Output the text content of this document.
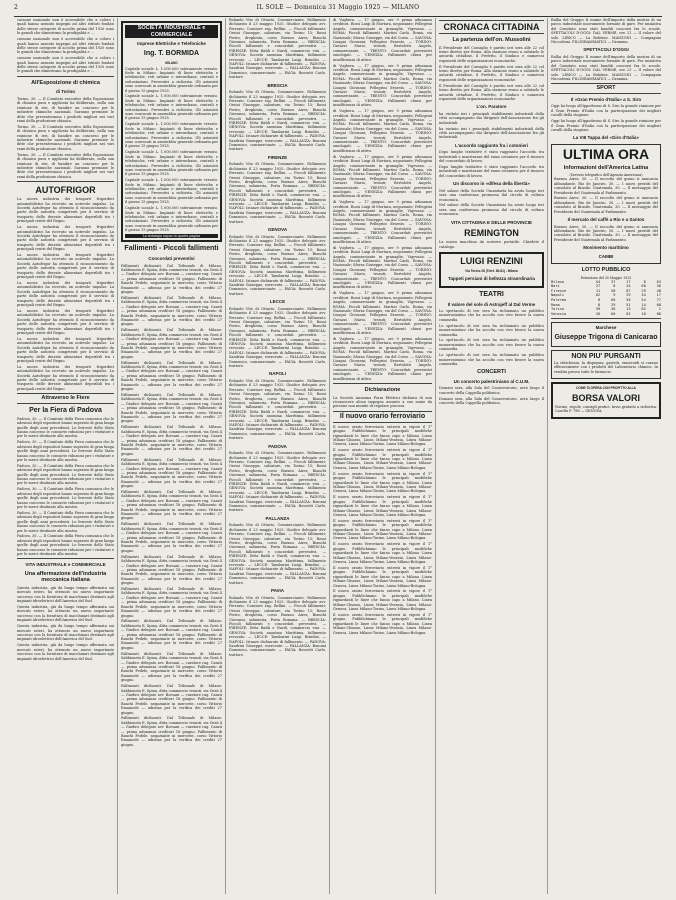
2	IL SOLE — Domenica 31 Maggio 1925 — MILANO

cassone nazionale non è accessibile che a coloro i quali hanno assunto impegni ad altri istituti fondati delle stesse categorie di accolto prima del 1920 sono le grandi che dimostrano la prodigalità e ...

cassone nazionale non è accessibile che a coloro i quali hanno assunto impegni ad altri istituti fondati delle stesse categorie di accolto prima del 1920 sono le grandi che dimostrano la prodigalità e ...

cassone nazionale non è accessibile che a coloro i quali hanno assunto impegni ad altri istituti fondati delle stesse categorie di accolto prima del 1920 sono le grandi che dimostrano la prodigalità e ...

All'Esposizione di chimica
di Torino

Torino, 30. — Il Comitato esecutivo della Esposizione di chimica pura e applicata ha deliberato, nella sua riunione di ieri, di bandire un concorso per le industrie chimiche nazionali. Saranno premiate le ditte che presenteranno i prodotti migliori nei vari rami della produzione chimica.

Torino, 30. — Il Comitato esecutivo della Esposizione di chimica pura e applicata ha deliberato, nella sua riunione di ieri, di bandire un concorso per le industrie chimiche nazionali. Saranno premiate le ditte che presenteranno i prodotti migliori nei vari rami della produzione chimica.

Torino, 30. — Il Comitato esecutivo della Esposizione di chimica pura e applicata ha deliberato, nella sua riunione di ieri, di bandire un concorso per le industrie chimiche nazionali. Saranno premiate le ditte che presenteranno i prodotti migliori nei vari rami della produzione chimica.

AUTOFRIGOR

La nuova industria dei trasporti frigoriferi automobilistici ha ricevuto un notevole impulso. La Società Autofrigor ha ottenuto il riconoscimento da parte delle autorità competenti per il servizio di trasporto delle derrate alimentari deperibili tra i principali centri del Regno.

La nuova industria dei trasporti frigoriferi automobilistici ha ricevuto un notevole impulso. La Società Autofrigor ha ottenuto il riconoscimento da parte delle autorità competenti per il servizio di trasporto delle derrate alimentari deperibili tra i principali centri del Regno.

La nuova industria dei trasporti frigoriferi automobilistici ha ricevuto un notevole impulso. La Società Autofrigor ha ottenuto il riconoscimento da parte delle autorità competenti per il servizio di trasporto delle derrate alimentari deperibili tra i principali centri del Regno.

La nuova industria dei trasporti frigoriferi automobilistici ha ricevuto un notevole impulso. La Società Autofrigor ha ottenuto il riconoscimento da parte delle autorità competenti per il servizio di trasporto delle derrate alimentari deperibili tra i principali centri del Regno.

La nuova industria dei trasporti frigoriferi automobilistici ha ricevuto un notevole impulso. La Società Autofrigor ha ottenuto il riconoscimento da parte delle autorità competenti per il servizio di trasporto delle derrate alimentari deperibili tra i principali centri del Regno.

La nuova industria dei trasporti frigoriferi automobilistici ha ricevuto un notevole impulso. La Società Autofrigor ha ottenuto il riconoscimento da parte delle autorità competenti per il servizio di trasporto delle derrate alimentari deperibili tra i principali centri del Regno.

La nuova industria dei trasporti frigoriferi automobilistici ha ricevuto un notevole impulso. La Società Autofrigor ha ottenuto il riconoscimento da parte delle autorità competenti per il servizio di trasporto delle derrate alimentari deperibili tra i principali centri del Regno.

Attraverso le Fiere
Per la Fiera di Padova

Padova, 30. — Il Comitato della Fiera comunica che le adesioni degli espositori hanno superato di gran lunga quelle degli anni precedenti. Le ferrovie dello Stato hanno concesso le consuete riduzioni per i visitatori e per le merci destinate alla mostra.

Padova, 30. — Il Comitato della Fiera comunica che le adesioni degli espositori hanno superato di gran lunga quelle degli anni precedenti. Le ferrovie dello Stato hanno concesso le consuete riduzioni per i visitatori e per le merci destinate alla mostra.

Padova, 30. — Il Comitato della Fiera comunica che le adesioni degli espositori hanno superato di gran lunga quelle degli anni precedenti. Le ferrovie dello Stato hanno concesso le consuete riduzioni per i visitatori e per le merci destinate alla mostra.

Padova, 30. — Il Comitato della Fiera comunica che le adesioni degli espositori hanno superato di gran lunga quelle degli anni precedenti. Le ferrovie dello Stato hanno concesso le consuete riduzioni per i visitatori e per le merci destinate alla mostra.

Padova, 30. — Il Comitato della Fiera comunica che le adesioni degli espositori hanno superato di gran lunga quelle degli anni precedenti. Le ferrovie dello Stato hanno concesso le consuete riduzioni per i visitatori e per le merci destinate alla mostra.

Padova, 30. — Il Comitato della Fiera comunica che le adesioni degli espositori hanno superato di gran lunga quelle degli anni precedenti. Le ferrovie dello Stato hanno concesso le consuete riduzioni per i visitatori e per le merci destinate alla mostra.

VITA INDUSTRIALE e COMMERCIALE
Una affermazione dell'industria meccanica italiana

Questa industria, già da lungo tempo affermata sui mercati esteri, ha ottenuto un nuovo importante successo con la fornitura di macchinari destinati agli impianti idroelettrici dell'America del Sud.

Questa industria, già da lungo tempo affermata sui mercati esteri, ha ottenuto un nuovo importante successo con la fornitura di macchinari destinati agli impianti idroelettrici dell'America del Sud.

Questa industria, già da lungo tempo affermata sui mercati esteri, ha ottenuto un nuovo importante successo con la fornitura di macchinari destinati agli impianti idroelettrici dell'America del Sud.

Questa industria, già da lungo tempo affermata sui mercati esteri, ha ottenuto un nuovo importante successo con la fornitura di macchinari destinati agli impianti idroelettrici dell'America del Sud.

SOCIETÀ INDUSTRIALE e COMMERCIALE
Imprese Elettriche e Telefoniche
Ing. T. BORMIDA
MILANO

Capitale sociale L. 1.000.000 interamente versato. Sede in Milano. Impianti di linee elettriche e telefoniche, reti urbane e interurbane, centrali e sottostazioni. Preventivi a richiesta. Gli azionisti sono convocati in assemblea generale ordinaria per il giorno 15 giugno 1925.

Capitale sociale L. 1.000.000 interamente versato. Sede in Milano. Impianti di linee elettriche e telefoniche, reti urbane e interurbane, centrali e sottostazioni. Preventivi a richiesta. Gli azionisti sono convocati in assemblea generale ordinaria per il giorno 15 giugno 1925.

Capitale sociale L. 1.000.000 interamente versato. Sede in Milano. Impianti di linee elettriche e telefoniche, reti urbane e interurbane, centrali e sottostazioni. Preventivi a richiesta. Gli azionisti sono convocati in assemblea generale ordinaria per il giorno 15 giugno 1925.

Capitale sociale L. 1.000.000 interamente versato. Sede in Milano. Impianti di linee elettriche e telefoniche, reti urbane e interurbane, centrali e sottostazioni. Preventivi a richiesta. Gli azionisti sono convocati in assemblea generale ordinaria per il giorno 15 giugno 1925.

Capitale sociale L. 1.000.000 interamente versato. Sede in Milano. Impianti di linee elettriche e telefoniche, reti urbane e interurbane, centrali e sottostazioni. Preventivi a richiesta. Gli azionisti sono convocati in assemblea generale ordinaria per il giorno 15 giugno 1925.

Capitale sociale L. 1.000.000 interamente versato. Sede in Milano. Impianti di linee elettriche e telefoniche, reti urbane e interurbane, centrali e sottostazioni. Preventivi a richiesta. Gli azionisti sono convocati in assemblea generale ordinaria per il giorno 15 giugno 1925.

La ristampa segue in quarta pagina
Fallimenti - Piccoli fallimenti
Concordati preventivi

Fallimenti dichiarati. Dal Tribunale di Milano: Sabbioneta E. Spina, ditta commercio tessuti, via Gesù 4 — Giudice delegato avv. Borsani — curatore rag. Casati — prima adunanza creditori 18 giugno. Fallimento di Banchi Fedele, negoziante in mercerie, corso Vittorio Emanuele — udienza per la verifica dei crediti 27 giugno.

Fallimenti dichiarati. Dal Tribunale di Milano: Sabbioneta E. Spina, ditta commercio tessuti, via Gesù 4 — Giudice delegato avv. Borsani — curatore rag. Casati — prima adunanza creditori 18 giugno. Fallimento di Banchi Fedele, negoziante in mercerie, corso Vittorio Emanuele — udienza per la verifica dei crediti 27 giugno.

Fallimenti dichiarati. Dal Tribunale di Milano: Sabbioneta E. Spina, ditta commercio tessuti, via Gesù 4 — Giudice delegato avv. Borsani — curatore rag. Casati — prima adunanza creditori 18 giugno. Fallimento di Banchi Fedele, negoziante in mercerie, corso Vittorio Emanuele — udienza per la verifica dei crediti 27 giugno.

Fallimenti dichiarati. Dal Tribunale di Milano: Sabbioneta E. Spina, ditta commercio tessuti, via Gesù 4 — Giudice delegato avv. Borsani — curatore rag. Casati — prima adunanza creditori 18 giugno. Fallimento di Banchi Fedele, negoziante in mercerie, corso Vittorio Emanuele — udienza per la verifica dei crediti 27 giugno.

Fallimenti dichiarati. Dal Tribunale di Milano: Sabbioneta E. Spina, ditta commercio tessuti, via Gesù 4 — Giudice delegato avv. Borsani — curatore rag. Casati — prima adunanza creditori 18 giugno. Fallimento di Banchi Fedele, negoziante in mercerie, corso Vittorio Emanuele — udienza per la verifica dei crediti 27 giugno.

Fallimenti dichiarati. Dal Tribunale di Milano: Sabbioneta E. Spina, ditta commercio tessuti, via Gesù 4 — Giudice delegato avv. Borsani — curatore rag. Casati — prima adunanza creditori 18 giugno. Fallimento di Banchi Fedele, negoziante in mercerie, corso Vittorio Emanuele — udienza per la verifica dei crediti 27 giugno.

Fallimenti dichiarati. Dal Tribunale di Milano: Sabbioneta E. Spina, ditta commercio tessuti, via Gesù 4 — Giudice delegato avv. Borsani — curatore rag. Casati — prima adunanza creditori 18 giugno. Fallimento di Banchi Fedele, negoziante in mercerie, corso Vittorio Emanuele — udienza per la verifica dei crediti 27 giugno.

Fallimenti dichiarati. Dal Tribunale di Milano: Sabbioneta E. Spina, ditta commercio tessuti, via Gesù 4 — Giudice delegato avv. Borsani — curatore rag. Casati — prima adunanza creditori 18 giugno. Fallimento di Banchi Fedele, negoziante in mercerie, corso Vittorio Emanuele — udienza per la verifica dei crediti 27 giugno.

Fallimenti dichiarati. Dal Tribunale di Milano: Sabbioneta E. Spina, ditta commercio tessuti, via Gesù 4 — Giudice delegato avv. Borsani — curatore rag. Casati — prima adunanza creditori 18 giugno. Fallimento di Banchi Fedele, negoziante in mercerie, corso Vittorio Emanuele — udienza per la verifica dei crediti 27 giugno.

Fallimenti dichiarati. Dal Tribunale di Milano: Sabbioneta E. Spina, ditta commercio tessuti, via Gesù 4 — Giudice delegato avv. Borsani — curatore rag. Casati — prima adunanza creditori 18 giugno. Fallimento di Banchi Fedele, negoziante in mercerie, corso Vittorio Emanuele — udienza per la verifica dei crediti 27 giugno.

Fallimenti dichiarati. Dal Tribunale di Milano: Sabbioneta E. Spina, ditta commercio tessuti, via Gesù 4 — Giudice delegato avv. Borsani — curatore rag. Casati — prima adunanza creditori 18 giugno. Fallimento di Banchi Fedele, negoziante in mercerie, corso Vittorio Emanuele — udienza per la verifica dei crediti 27 giugno.

Fallimenti dichiarati. Dal Tribunale di Milano: Sabbioneta E. Spina, ditta commercio tessuti, via Gesù 4 — Giudice delegato avv. Borsani — curatore rag. Casati — prima adunanza creditori 18 giugno. Fallimento di Banchi Fedele, negoziante in mercerie, corso Vittorio Emanuele — udienza per la verifica dei crediti 27 giugno.

Fallimenti dichiarati. Dal Tribunale di Milano: Sabbioneta E. Spina, ditta commercio tessuti, via Gesù 4 — Giudice delegato avv. Borsani — curatore rag. Casati — prima adunanza creditori 18 giugno. Fallimento di Banchi Fedele, negoziante in mercerie, corso Vittorio Emanuele — udienza per la verifica dei crediti 27 giugno.

Fallimenti dichiarati. Dal Tribunale di Milano: Sabbioneta E. Spina, ditta commercio tessuti, via Gesù 4 — Giudice delegato avv. Borsani — curatore rag. Casati — prima adunanza creditori 18 giugno. Fallimento di Banchi Fedele, negoziante in mercerie, corso Vittorio Emanuele — udienza per la verifica dei crediti 27 giugno.

Fallimenti dichiarati. Dal Tribunale di Milano: Sabbioneta E. Spina, ditta commercio tessuti, via Gesù 4 — Giudice delegato avv. Borsani — curatore rag. Casati — prima adunanza creditori 18 giugno. Fallimento di Banchi Fedele, negoziante in mercerie, corso Vittorio Emanuele — udienza per la verifica dei crediti 27 giugno.

Rolando Vito di Ottavio, Commerciante. Fallimento dichiarato il 23 maggio 1925. Giudice delegato avv. Ferrario. Curatore rag. Bellini. — Piccoli fallimenti: Orsini Giuseppe, calzature, via Torino 15; Rossi Pietro, drogheria, corso Buenos Aires; Bianchi Giovanni, salumeria, Porta Romana. — BRESCIA: Piccoli fallimenti e concordati preventivi. — FIRENZE: Ditta Baldi e Nardi, commercio vini. — GENOVA: Società anonima Marittima, fallimento revocato. — LECCE: Tamburini Luigi, Brindisi. — NAPOLI: Istanze dichiarate di fallimento. — PADOVA: Sandrini Giuseppe, esercente. — PALLANZA: Bonomi Domenico, commerciante. — PAVIA: Rossetti Carlo, trattore.

BRESCIA

Rolando Vito di Ottavio, Commerciante. Fallimento dichiarato il 23 maggio 1925. Giudice delegato avv. Ferrario. Curatore rag. Bellini. — Piccoli fallimenti: Orsini Giuseppe, calzature, via Torino 15; Rossi Pietro, drogheria, corso Buenos Aires; Bianchi Giovanni, salumeria, Porta Romana. — BRESCIA: Piccoli fallimenti e concordati preventivi. — FIRENZE: Ditta Baldi e Nardi, commercio vini. — GENOVA: Società anonima Marittima, fallimento revocato. — LECCE: Tamburini Luigi, Brindisi. — NAPOLI: Istanze dichiarate di fallimento. — PADOVA: Sandrini Giuseppe, esercente. — PALLANZA: Bonomi Domenico, commerciante. — PAVIA: Rossetti Carlo, trattore.

FIRENZE

Rolando Vito di Ottavio, Commerciante. Fallimento dichiarato il 23 maggio 1925. Giudice delegato avv. Ferrario. Curatore rag. Bellini. — Piccoli fallimenti: Orsini Giuseppe, calzature, via Torino 15; Rossi Pietro, drogheria, corso Buenos Aires; Bianchi Giovanni, salumeria, Porta Romana. — BRESCIA: Piccoli fallimenti e concordati preventivi. — FIRENZE: Ditta Baldi e Nardi, commercio vini. — GENOVA: Società anonima Marittima, fallimento revocato. — LECCE: Tamburini Luigi, Brindisi. — NAPOLI: Istanze dichiarate di fallimento. — PADOVA: Sandrini Giuseppe, esercente. — PALLANZA: Bonomi Domenico, commerciante. — PAVIA: Rossetti Carlo, trattore.

GENOVA

Rolando Vito di Ottavio, Commerciante. Fallimento dichiarato il 23 maggio 1925. Giudice delegato avv. Ferrario. Curatore rag. Bellini. — Piccoli fallimenti: Orsini Giuseppe, calzature, via Torino 15; Rossi Pietro, drogheria, corso Buenos Aires; Bianchi Giovanni, salumeria, Porta Romana. — BRESCIA: Piccoli fallimenti e concordati preventivi. — FIRENZE: Ditta Baldi e Nardi, commercio vini. — GENOVA: Società anonima Marittima, fallimento revocato. — LECCE: Tamburini Luigi, Brindisi. — NAPOLI: Istanze dichiarate di fallimento. — PADOVA: Sandrini Giuseppe, esercente. — PALLANZA: Bonomi Domenico, commerciante. — PAVIA: Rossetti Carlo, trattore.

LECCE

Rolando Vito di Ottavio, Commerciante. Fallimento dichiarato il 23 maggio 1925. Giudice delegato avv. Ferrario. Curatore rag. Bellini. — Piccoli fallimenti: Orsini Giuseppe, calzature, via Torino 15; Rossi Pietro, drogheria, corso Buenos Aires; Bianchi Giovanni, salumeria, Porta Romana. — BRESCIA: Piccoli fallimenti e concordati preventivi. — FIRENZE: Ditta Baldi e Nardi, commercio vini. — GENOVA: Società anonima Marittima, fallimento revocato. — LECCE: Tamburini Luigi, Brindisi. — NAPOLI: Istanze dichiarate di fallimento. — PADOVA: Sandrini Giuseppe, esercente. — PALLANZA: Bonomi Domenico, commerciante. — PAVIA: Rossetti Carlo, trattore.

NAPOLI

Rolando Vito di Ottavio, Commerciante. Fallimento dichiarato il 23 maggio 1925. Giudice delegato avv. Ferrario. Curatore rag. Bellini. — Piccoli fallimenti: Orsini Giuseppe, calzature, via Torino 15; Rossi Pietro, drogheria, corso Buenos Aires; Bianchi Giovanni, salumeria, Porta Romana. — BRESCIA: Piccoli fallimenti e concordati preventivi. — FIRENZE: Ditta Baldi e Nardi, commercio vini. — GENOVA: Società anonima Marittima, fallimento revocato. — LECCE: Tamburini Luigi, Brindisi. — NAPOLI: Istanze dichiarate di fallimento. — PADOVA: Sandrini Giuseppe, esercente. — PALLANZA: Bonomi Domenico, commerciante. — PAVIA: Rossetti Carlo, trattore.

PADOVA

Rolando Vito di Ottavio, Commerciante. Fallimento dichiarato il 23 maggio 1925. Giudice delegato avv. Ferrario. Curatore rag. Bellini. — Piccoli fallimenti: Orsini Giuseppe, calzature, via Torino 15; Rossi Pietro, drogheria, corso Buenos Aires; Bianchi Giovanni, salumeria, Porta Romana. — BRESCIA: Piccoli fallimenti e concordati preventivi. — FIRENZE: Ditta Baldi e Nardi, commercio vini. — GENOVA: Società anonima Marittima, fallimento revocato. — LECCE: Tamburini Luigi, Brindisi. — NAPOLI: Istanze dichiarate di fallimento. — PADOVA: Sandrini Giuseppe, esercente. — PALLANZA: Bonomi Domenico, commerciante. — PAVIA: Rossetti Carlo, trattore.

PALLANZA

Rolando Vito di Ottavio, Commerciante. Fallimento dichiarato il 23 maggio 1925. Giudice delegato avv. Ferrario. Curatore rag. Bellini. — Piccoli fallimenti: Orsini Giuseppe, calzature, via Torino 15; Rossi Pietro, drogheria, corso Buenos Aires; Bianchi Giovanni, salumeria, Porta Romana. — BRESCIA: Piccoli fallimenti e concordati preventivi. — FIRENZE: Ditta Baldi e Nardi, commercio vini. — GENOVA: Società anonima Marittima, fallimento revocato. — LECCE: Tamburini Luigi, Brindisi. — NAPOLI: Istanze dichiarate di fallimento. — PADOVA: Sandrini Giuseppe, esercente. — PALLANZA: Bonomi Domenico, commerciante. — PAVIA: Rossetti Carlo, trattore.

PAVIA

Rolando Vito di Ottavio, Commerciante. Fallimento dichiarato il 23 maggio 1925. Giudice delegato avv. Ferrario. Curatore rag. Bellini. — Piccoli fallimenti: Orsini Giuseppe, calzature, via Torino 15; Rossi Pietro, drogheria, corso Buenos Aires; Bianchi Giovanni, salumeria, Porta Romana. — BRESCIA: Piccoli fallimenti e concordati preventivi. — FIRENZE: Ditta Baldi e Nardi, commercio vini. — GENOVA: Società anonima Marittima, fallimento revocato. — LECCE: Tamburini Luigi, Brindisi. — NAPOLI: Istanze dichiarate di fallimento. — PADOVA: Sandrini Giuseppe, esercente. — PALLANZA: Bonomi Domenico, commerciante. — PAVIA: Rossetti Carlo, trattore.

di Voghera. — 17 giugno, ore 9 prima adunanza creditori. Rossi Luigi di Mortara, negoziante; Pellegrini Angelo, commerciante in granaglie, Vigevano. — ROMA: Piccoli fallimenti. Martini Carlo, Roma, via Nazionale; Sforza Giuseppe, via del Corso. — SAVONA: Lisagni Giovanni; Pellegrini Ernesto. — TORINO: Gavazzi Mario, tessuti; Bertolotti Angelo, commerciante. — TRENTO: Concordati preventivi omologati. — VENEZIA: Fallimenti chiusi per insufficienza di attivo.

di Voghera. — 17 giugno, ore 9 prima adunanza creditori. Rossi Luigi di Mortara, negoziante; Pellegrini Angelo, commerciante in granaglie, Vigevano. — ROMA: Piccoli fallimenti. Martini Carlo, Roma, via Nazionale; Sforza Giuseppe, via del Corso. — SAVONA: Lisagni Giovanni; Pellegrini Ernesto. — TORINO: Gavazzi Mario, tessuti; Bertolotti Angelo, commerciante. — TRENTO: Concordati preventivi omologati. — VENEZIA: Fallimenti chiusi per insufficienza di attivo.

di Voghera. — 17 giugno, ore 9 prima adunanza creditori. Rossi Luigi di Mortara, negoziante; Pellegrini Angelo, commerciante in granaglie, Vigevano. — ROMA: Piccoli fallimenti. Martini Carlo, Roma, via Nazionale; Sforza Giuseppe, via del Corso. — SAVONA: Lisagni Giovanni; Pellegrini Ernesto. — TORINO: Gavazzi Mario, tessuti; Bertolotti Angelo, commerciante. — TRENTO: Concordati preventivi omologati. — VENEZIA: Fallimenti chiusi per insufficienza di attivo.

di Voghera. — 17 giugno, ore 9 prima adunanza creditori. Rossi Luigi di Mortara, negoziante; Pellegrini Angelo, commerciante in granaglie, Vigevano. — ROMA: Piccoli fallimenti. Martini Carlo, Roma, via Nazionale; Sforza Giuseppe, via del Corso. — SAVONA: Lisagni Giovanni; Pellegrini Ernesto. — TORINO: Gavazzi Mario, tessuti; Bertolotti Angelo, commerciante. — TRENTO: Concordati preventivi omologati. — VENEZIA: Fallimenti chiusi per insufficienza di attivo.

di Voghera. — 17 giugno, ore 9 prima adunanza creditori. Rossi Luigi di Mortara, negoziante; Pellegrini Angelo, commerciante in granaglie, Vigevano. — ROMA: Piccoli fallimenti. Martini Carlo, Roma, via Nazionale; Sforza Giuseppe, via del Corso. — SAVONA: Lisagni Giovanni; Pellegrini Ernesto. — TORINO: Gavazzi Mario, tessuti; Bertolotti Angelo, commerciante. — TRENTO: Concordati preventivi omologati. — VENEZIA: Fallimenti chiusi per insufficienza di attivo.

di Voghera. — 17 giugno, ore 9 prima adunanza creditori. Rossi Luigi di Mortara, negoziante; Pellegrini Angelo, commerciante in granaglie, Vigevano. — ROMA: Piccoli fallimenti. Martini Carlo, Roma, via Nazionale; Sforza Giuseppe, via del Corso. — SAVONA: Lisagni Giovanni; Pellegrini Ernesto. — TORINO: Gavazzi Mario, tessuti; Bertolotti Angelo, commerciante. — TRENTO: Concordati preventivi omologati. — VENEZIA: Fallimenti chiusi per insufficienza di attivo.

di Voghera. — 17 giugno, ore 9 prima adunanza creditori. Rossi Luigi di Mortara, negoziante; Pellegrini Angelo, commerciante in granaglie, Vigevano. — ROMA: Piccoli fallimenti. Martini Carlo, Roma, via Nazionale; Sforza Giuseppe, via del Corso. — SAVONA: Lisagni Giovanni; Pellegrini Ernesto. — TORINO: Gavazzi Mario, tessuti; Bertolotti Angelo, commerciante. — TRENTO: Concordati preventivi omologati. — VENEZIA: Fallimenti chiusi per insufficienza di attivo.

di Voghera. — 17 giugno, ore 9 prima adunanza creditori. Rossi Luigi di Mortara, negoziante; Pellegrini Angelo, commerciante in granaglie, Vigevano. — ROMA: Piccoli fallimenti. Martini Carlo, Roma, via Nazionale; Sforza Giuseppe, via del Corso. — SAVONA: Lisagni Giovanni; Pellegrini Ernesto. — TORINO: Gavazzi Mario, tessuti; Bertolotti Angelo, commerciante. — TRENTO: Concordati preventivi omologati. — VENEZIA: Fallimenti chiusi per insufficienza di attivo.

Dichiarazione

La Società Anonima Forni Elettrici dichiara di non riconoscere alcun impegno assunto a suo nome da persone non munite di regolare procura.

Il nuovo orario ferroviario

Il nuovo orario ferroviario entrerà in vigore il 1° giugno. Pubblichiamo le principali modifiche riguardanti le linee che fanno capo a Milano. Linea Milano-Chiasso, Linea Milano-Venezia, Linea Milano-Genova, Linea Milano-Torino, Linea Milano-Bologna.

Il nuovo orario ferroviario entrerà in vigore il 1° giugno. Pubblichiamo le principali modifiche riguardanti le linee che fanno capo a Milano. Linea Milano-Chiasso, Linea Milano-Venezia, Linea Milano-Genova, Linea Milano-Torino, Linea Milano-Bologna.

Il nuovo orario ferroviario entrerà in vigore il 1° giugno. Pubblichiamo le principali modifiche riguardanti le linee che fanno capo a Milano. Linea Milano-Chiasso, Linea Milano-Venezia, Linea Milano-Genova, Linea Milano-Torino, Linea Milano-Bologna.

Il nuovo orario ferroviario entrerà in vigore il 1° giugno. Pubblichiamo le principali modifiche riguardanti le linee che fanno capo a Milano. Linea Milano-Chiasso, Linea Milano-Venezia, Linea Milano-Genova, Linea Milano-Torino, Linea Milano-Bologna.

Il nuovo orario ferroviario entrerà in vigore il 1° giugno. Pubblichiamo le principali modifiche riguardanti le linee che fanno capo a Milano. Linea Milano-Chiasso, Linea Milano-Venezia, Linea Milano-Genova, Linea Milano-Torino, Linea Milano-Bologna.

Il nuovo orario ferroviario entrerà in vigore il 1° giugno. Pubblichiamo le principali modifiche riguardanti le linee che fanno capo a Milano. Linea Milano-Chiasso, Linea Milano-Venezia, Linea Milano-Genova, Linea Milano-Torino, Linea Milano-Bologna.

Il nuovo orario ferroviario entrerà in vigore il 1° giugno. Pubblichiamo le principali modifiche riguardanti le linee che fanno capo a Milano. Linea Milano-Chiasso, Linea Milano-Venezia, Linea Milano-Genova, Linea Milano-Torino, Linea Milano-Bologna.

Il nuovo orario ferroviario entrerà in vigore il 1° giugno. Pubblichiamo le principali modifiche riguardanti le linee che fanno capo a Milano. Linea Milano-Chiasso, Linea Milano-Venezia, Linea Milano-Genova, Linea Milano-Torino, Linea Milano-Bologna.

Il nuovo orario ferroviario entrerà in vigore il 1° giugno. Pubblichiamo le principali modifiche riguardanti le linee che fanno capo a Milano. Linea Milano-Chiasso, Linea Milano-Venezia, Linea Milano-Genova, Linea Milano-Torino, Linea Milano-Bologna.

CRONACA CITTADINA
La partenza dell'on. Mussolini

Il Presidente del Consiglio è partito ieri sera alle 22 col treno diretto per Roma. Alla stazione erano a salutarlo le autorità cittadine, il Prefetto, il Sindaco e numerosi esponenti delle organizzazioni economiche.

Il Presidente del Consiglio è partito ieri sera alle 22 col treno diretto per Roma. Alla stazione erano a salutarlo le autorità cittadine, il Prefetto, il Sindaco e numerosi esponenti delle organizzazioni economiche.

Il Presidente del Consiglio è partito ieri sera alle 22 col treno diretto per Roma. Alla stazione erano a salutarlo le autorità cittadine, il Prefetto, il Sindaco e numerosi esponenti delle organizzazioni economiche.

L'on. Paratore

ha visitato ieri i principali stabilimenti industriali della città accompagnato dai dirigenti dell'Associazione fra gli industriali.

ha visitato ieri i principali stabilimenti industriali della città accompagnato dai dirigenti dell'Associazione fra gli industriali.

L'accordo raggiunto fra i cotonieri

Dopo lunghe trattative è stato raggiunto l'accordo tra industriali e maestranze del ramo cotoniero per il rinnovo del concordato di lavoro.

Dopo lunghe trattative è stato raggiunto l'accordo tra industriali e maestranze del ramo cotoniero per il rinnovo del concordato di lavoro.

Un discorso in «difesa della libertà»

Nel salone della Società Umanitaria ha avuto luogo ieri sera una conferenza promossa dal circolo di cultura economica.

Nel salone della Società Umanitaria ha avuto luogo ieri sera una conferenza promossa dal circolo di cultura economica.

VITA CITTADINA E DELLE PROVINCIE
REMINGTON

La nuova macchina da scrivere portatile. Chiedete il catalogo.

LUIGI RENZINI
Via Torino 28 (Telef. 89-81) - Milano
Tappeti persiani di bellezza straordinaria
TEATRI
Il valore del sole di Astrajeff al Dal Verme

Lo spettacolo di ieri sera ha richiamato un pubblico numerosissimo che ha accolto con vivo favore la nuova commedia.

Lo spettacolo di ieri sera ha richiamato un pubblico numerosissimo che ha accolto con vivo favore la nuova commedia.

Lo spettacolo di ieri sera ha richiamato un pubblico numerosissimo che ha accolto con vivo favore la nuova commedia.

Lo spettacolo di ieri sera ha richiamato un pubblico numerosissimo che ha accolto con vivo favore la nuova commedia.

CONCERTI
Un concerto palestriniano al C.U.M.

Domani sera, alla Sala del Conservatorio, avrà luogo il concerto della Cappella polifonica.

Domani sera, alla Sala del Conservatorio, avrà luogo il concerto della Cappella polifonica.

Rallia del Gruppo II esame dell'importo della mostra di un parco industriale nuovamente formate di gare. Per iniziativa del Comitato sono stati banditi concorsi fra le scuole. SPETTACOLI D'OGGI: DAL VERME, ore 21 — Il valore del sole. LIRICO — La Bohème. MANZONI — Compagnia Niccodemi. FILODRAMMATICI — Dramma.

SPETTACOLI D'OGGI

Rallia del Gruppo II esame dell'importo della mostra di un parco industriale nuovamente formate di gare. Per iniziativa del Comitato sono stati banditi concorsi fra le scuole. SPETTACOLI D'OGGI: DAL VERME, ore 21 — Il valore del sole. LIRICO — La Bohème. MANZONI — Compagnia Niccodemi. FILODRAMMATICI — Dramma.

SPORT
Il «Gran Premio d'Italia» a S. Siro

Oggi ha luogo all'ippodromo di S. Siro la grande riunione per il Gran Premio d'Italia con la partecipazione dei migliori cavalli della stagione.

Oggi ha luogo all'ippodromo di S. Siro la grande riunione per il Gran Premio d'Italia con la partecipazione dei migliori cavalli della stagione.

La VIII Tappa del «Giro d'Italia»
ULTIMA ORA
Informazioni dell'America Latina
(Servizio telegrafico dell'Agenzia Americana)

Buenos Aires, 30. — Il raccolto del grano si annuncia abbondante. Rio de Janeiro, 30. — I nuovi prestiti del consolato al Brasile. Guatemala, 30. — Il messaggio del Presidente del Guatemala al Parlamento.

Buenos Aires, 30. — Il raccolto del grano si annuncia abbondante. Rio de Janeiro, 30. — I nuovi prestiti del consolato al Brasile. Guatemala, 30. — Il messaggio del Presidente del Guatemala al Parlamento.

Il mercato del caffè a Rio e a Santos

Buenos Aires, 30. — Il raccolto del grano si annuncia abbondante. Rio de Janeiro, 30. — I nuovi prestiti del consolato al Brasile. Guatemala, 30. — Il messaggio del Presidente del Guatemala al Parlamento.

Movimento marittimo
CAMBI
LOTTO PUBBLICO
Estrazione del 30 Maggio 1925
Milano	54	37	17	8	63
Bari	27	8	24	68	36
Firenze	11	58	87	29	48
Napoli	62	9	29	34	17
Palermo	8	60	55	54	77
Roma	8	29	51	14	68
Torino	59	38	13	82	1
Venezia	26	60	62	10	88
Marchese
Giuseppe Trigona di Canicarao
NON PIU' PURGANTI

La stitichezza, la dispepsia, gastriti, emorroidi si curano efficacemente con i prodotti del Laboratorio chimico. In vendita presso tutte le farmacie.

COME SI OPERA CON PROFITTO ALLA
BORSA VALORI

Norme, regole, consigli pratici. Invio gratuito a richiesta. Casella P. 796 — GENOVA.
